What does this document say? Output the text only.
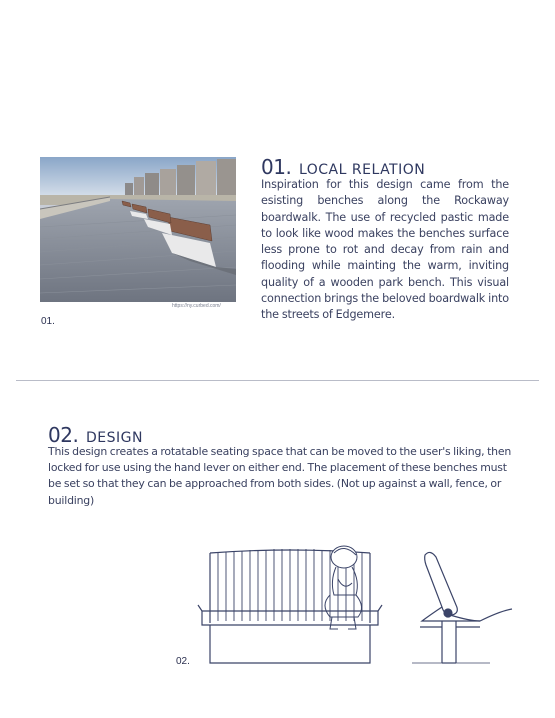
https://ny.curbed.com/
01.
01. LOCAL RELATION

Inspiration for this design came from the esisting benches along the Rockaway boardwalk. The use of recycled pastic made to look like wood makes the benches surface less prone to rot and decay from rain and flooding while mainting the warm, inviting quality of a wooden park bench. This visual connection brings the beloved boardwalk into the streets of Edgemere.

02. DESIGN

This design creates a rotatable seating space that can be moved to the user's liking, then locked for use using the hand lever on either end. The placement of these benches must be set so that they can be approached from both sides. (Not up against a wall, fence, or building)

02.
